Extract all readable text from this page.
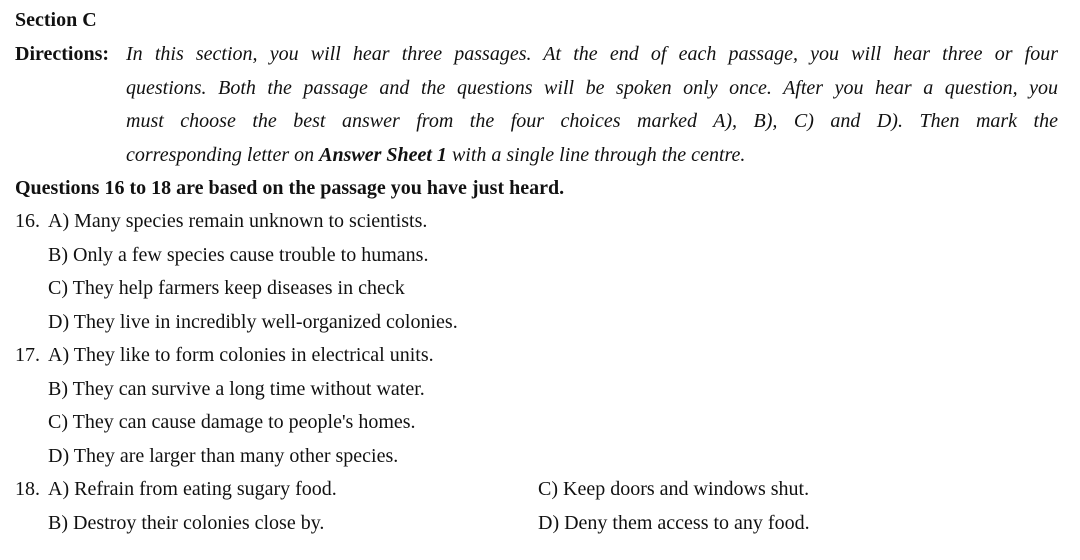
Section C
Directions: In this section, you will hear three passages. At the end of each passage, you will hear three or four
questions. Both the passage and the questions will be spoken only once. After you hear a question, you
must choose the best answer from the four choices marked A), B), C) and D). Then mark the
corresponding letter on Answer Sheet 1 with a single line through the centre.
Questions 16 to 18 are based on the passage you have just heard.
16. A) Many species remain unknown to scientists.
B) Only a few species cause trouble to humans.
C) They help farmers keep diseases in check
D) They live in incredibly well-organized colonies.
17. A) They like to form colonies in electrical units.
B) They can survive a long time without water.
C) They can cause damage to people's homes.
D) They are larger than many other species.
18. A) Refrain from eating sugary food.
B) Destroy their colonies close by.
C) Keep doors and windows shut.
D) Deny them access to any food.
